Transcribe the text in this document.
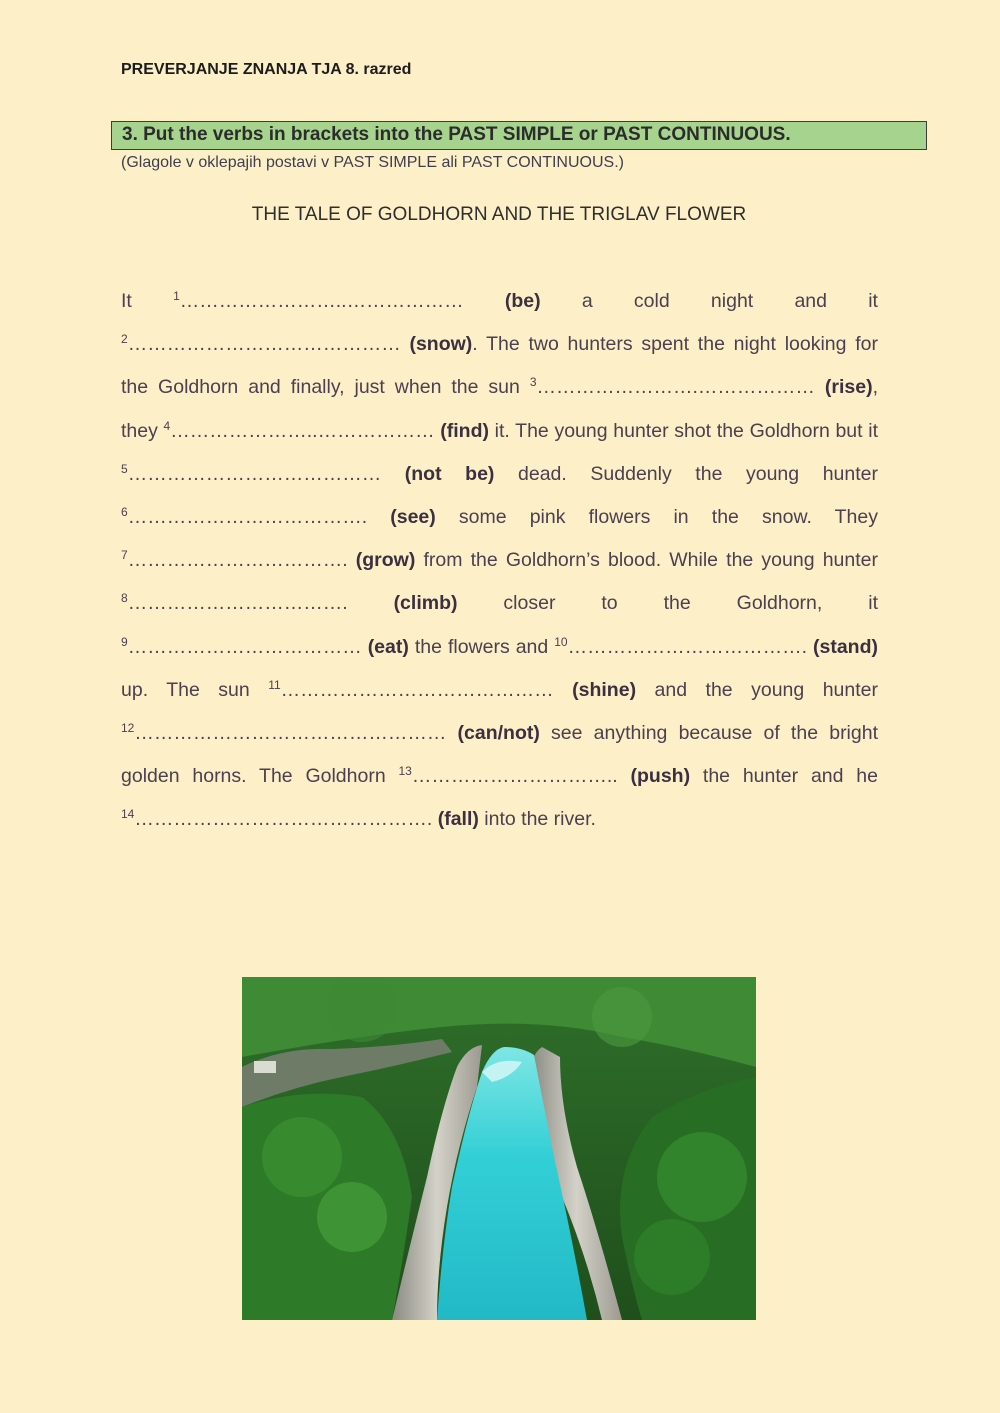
PREVERJANJE ZNANJA TJA 8. razred
3. Put the verbs in brackets into the PAST SIMPLE or PAST CONTINUOUS.
(Glagole v oklepajih postavi v PAST SIMPLE ali PAST CONTINUOUS.)
THE TALE OF GOLDHORN AND THE TRIGLAV FLOWER

It $^1$……………………..……………… (be) a cold night and it $^2$…………………………………… (snow). The two hunters spent the night looking for the Goldhorn and finally, just when the sun $^3$…………………….……………… (rise), they $^4$…………………..……………… (find) it. The young hunter shot the Goldhorn but it $^5$………………………………… (not be) dead. Suddenly the young hunter $^6$………………………………. (see) some pink flowers in the snow. They $^7$……………………………. (grow) from the Goldhorn’s blood. While the young hunter $^8$……………………………. (climb) closer to the Goldhorn, it $^9$……………………………… (eat) the flowers and $^{10}$………………………………. (stand) up. The sun $^{11}$…………………………………… (shine) and the young hunter $^{12}$………………………………………… (can/not) see anything because of the bright golden horns. The Goldhorn $^{13}$………………………….. (push) the hunter and he $^{14}$………………………………………. (fall) into the river.
